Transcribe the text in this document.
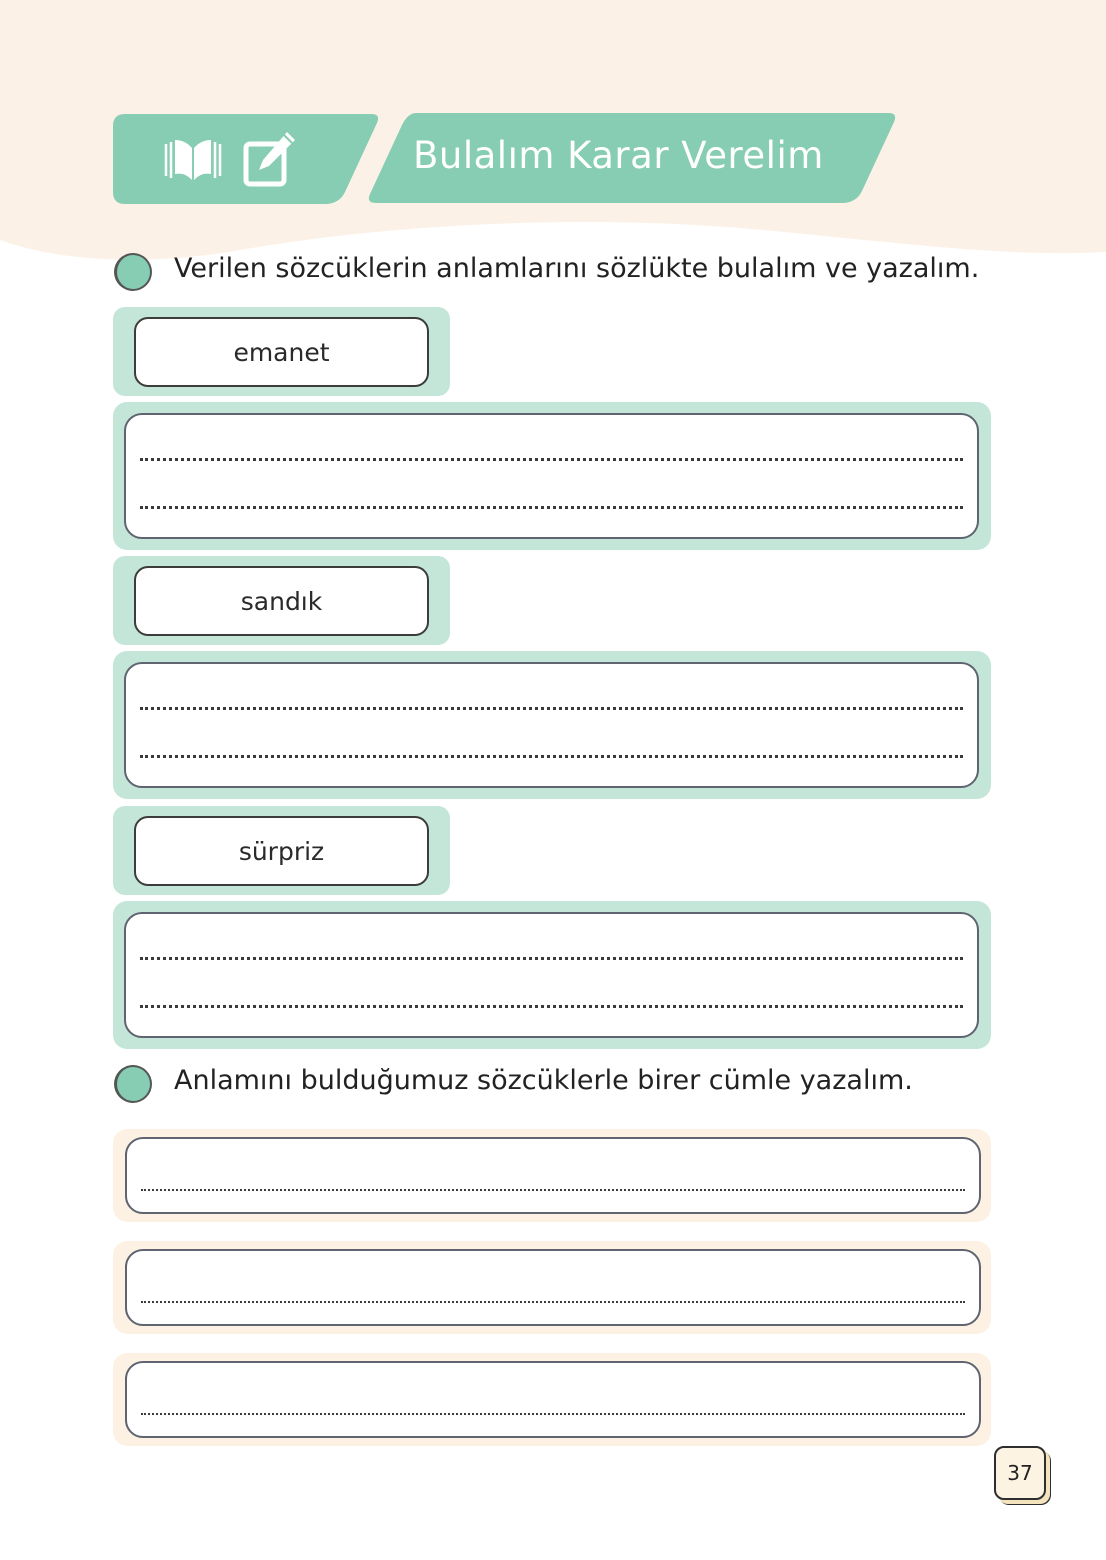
Bulalım Karar Verelim
Verilen sözcüklerin anlamlarını sözlükte bulalım ve yazalım.
emanet
sandık
sürpriz
Anlamını bulduğumuz sözcüklerle birer cümle yazalım.
37
